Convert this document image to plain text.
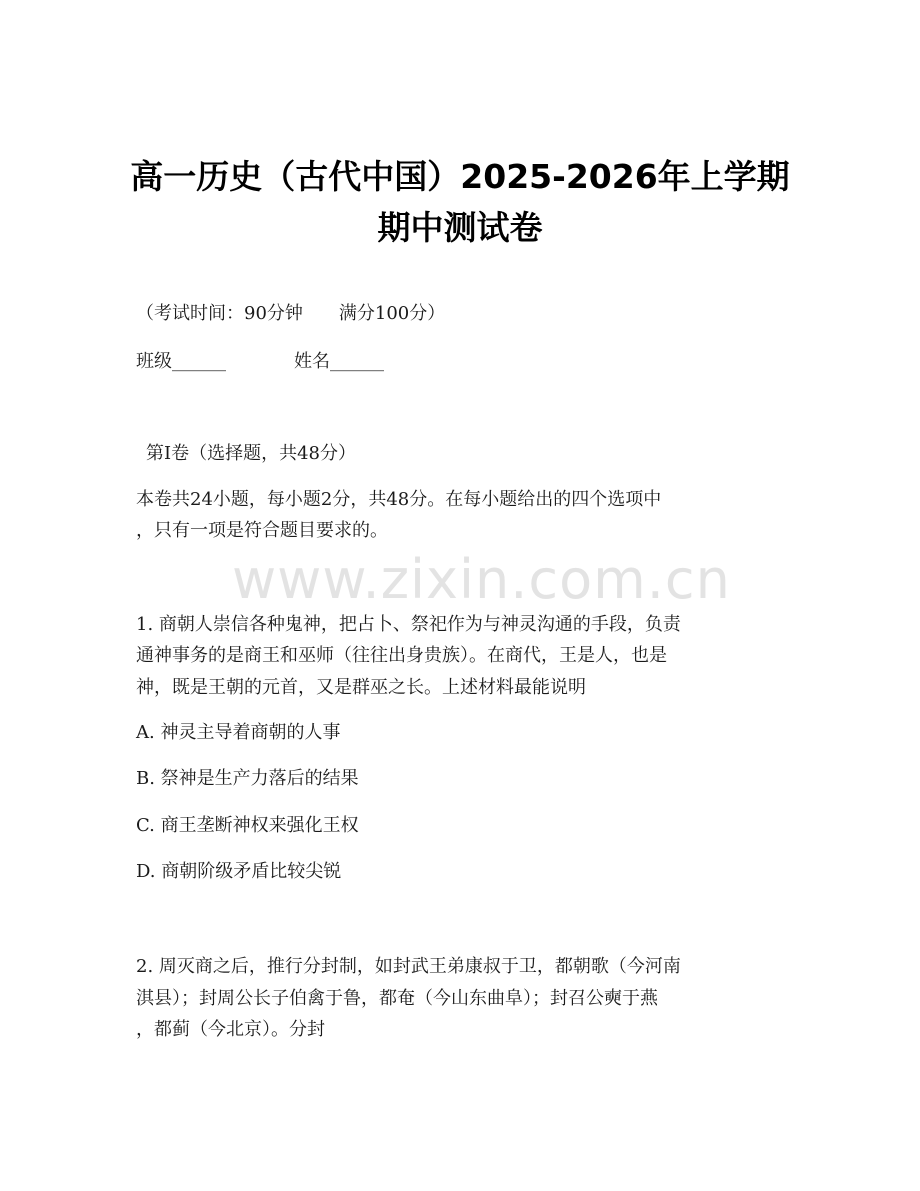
高一历史（古代中国）2025-2026年上学期
期中测试卷
（考试时间：90分钟　　满分100分）
班级______	姓名______
第Ⅰ卷（选择题，共48分）
本卷共24小题，每小题2分，共48分。在每小题给出的四个选项中
，只有一项是符合题目要求的。
www.zixin.com.cn
1. 商朝人崇信各种鬼神，把占卜、祭祀作为与神灵沟通的手段，负责
通神事务的是商王和巫师（往往出身贵族）。在商代，王是人，也是
神，既是王朝的元首，又是群巫之长。上述材料最能说明
A. 神灵主导着商朝的人事
B. 祭神是生产力落后的结果
C. 商王垄断神权来强化王权
D. 商朝阶级矛盾比较尖锐
2. 周灭商之后，推行分封制，如封武王弟康叔于卫，都朝歌（今河南
淇县）；封周公长子伯禽于鲁，都奄（今山东曲阜）；封召公奭于燕
，都蓟（今北京）。分封
